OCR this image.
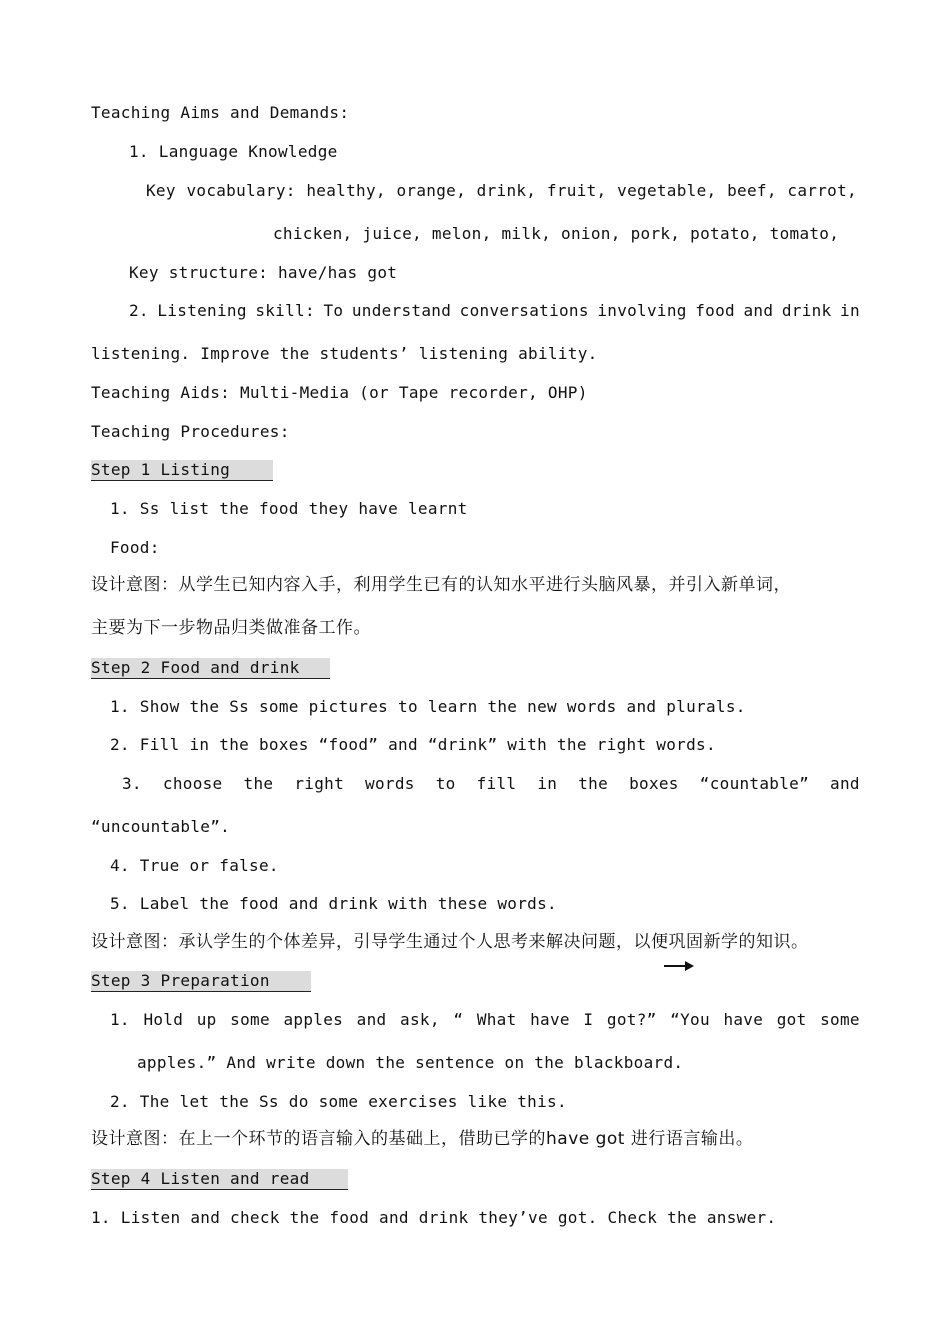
Teaching Aims and Demands:
1. Language Knowledge
Key vocabulary: healthy, orange, drink, fruit, vegetable, beef, carrot,
chicken, juice, melon, milk, onion, pork, potato, tomato,
Key structure: have/has got
2. Listening skill: To understand conversations involving food and drink in
listening. Improve the students’ listening ability.
Teaching Aids: Multi-Media (or Tape recorder, OHP)
Teaching Procedures:
Step 1 Listing
1. Ss list the food they have learnt
Food:
设计意图：从学生已知内容入手，利用学生已有的认知水平进行头脑风暴，并引入新单词，
主要为下一步物品归类做准备工作。
Step 2 Food and drink
1. Show the Ss some pictures to learn the new words and plurals.
2. Fill in the boxes “food” and “drink” with the right words.
3. choose the right words to fill in the boxes “countable” and
“uncountable”.
4. True or false.
5. Label the food and drink with these words.
设计意图：承认学生的个体差异，引导学生通过个人思考来解决问题，以便巩固新学的知识。
Step 3 Preparation
1. Hold up some apples and ask, “ What have I got?” “You have got some
apples.” And write down the sentence on the blackboard.
2. The let the Ss do some exercises like this.
设计意图：在上一个环节的语言输入的基础上，借助已学的have got 进行语言输出。
Step 4 Listen and read
1. Listen and check the food and drink they’ve got. Check the answer.
